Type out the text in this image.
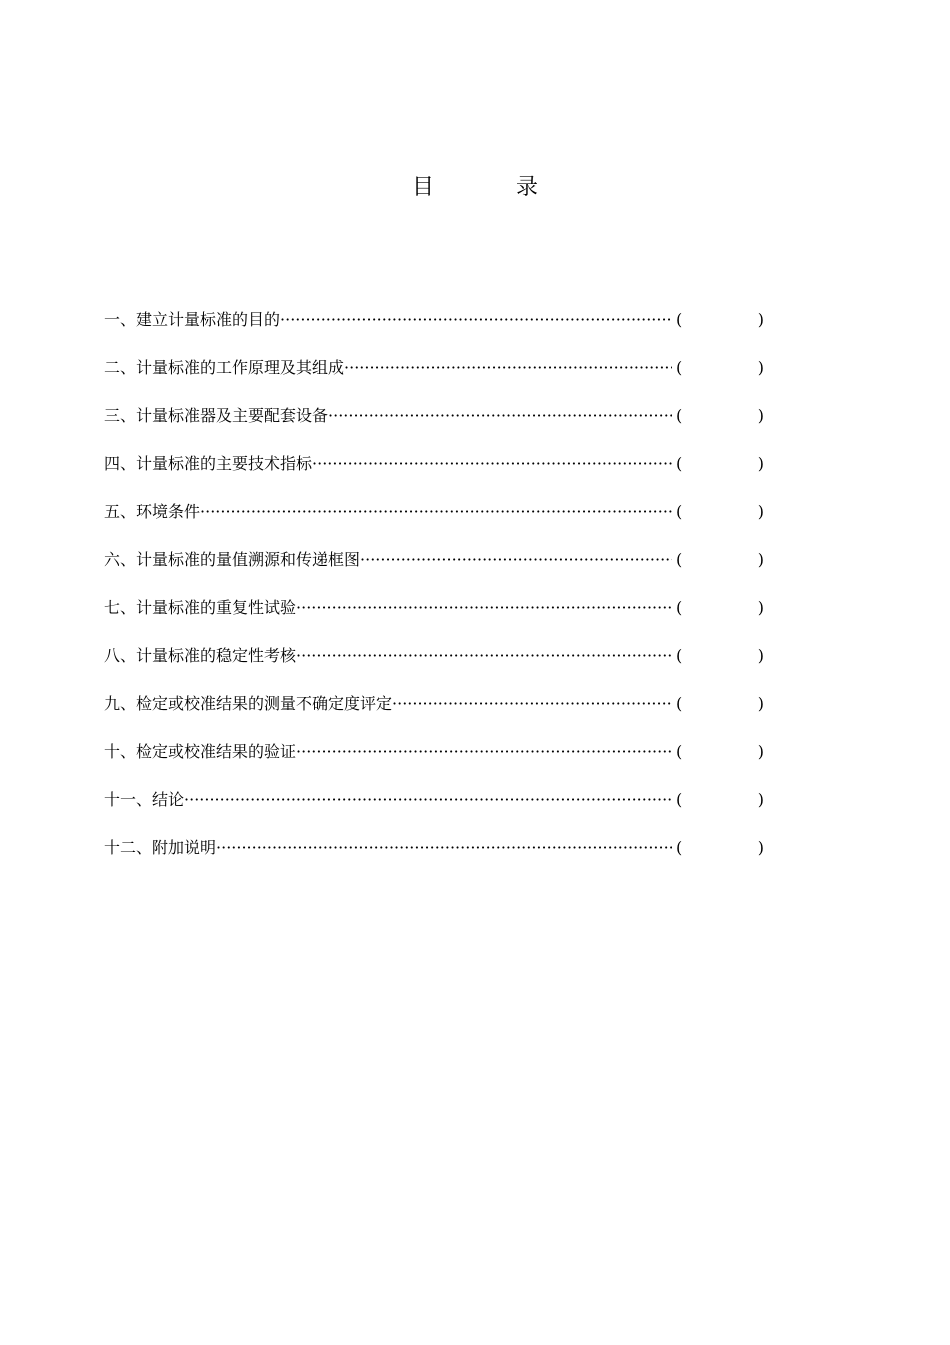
目	录
一、建立计量标准的目的 ·····	(	)
二、计量标准的工作原理及其组成 ·····	(	)
三、计量标准器及主要配套设备 ·····	(	)
四、计量标准的主要技术指标 ·····	(	)
五、环境条件 ·····	(	)
六、计量标准的量值溯源和传递框图 ·····	(	)
七、计量标准的重复性试验 ·····	(	)
八、计量标准的稳定性考核 ·····	(	)
九、检定或校准结果的测量不确定度评定 ·····	(	)
十、检定或校准结果的验证 ·····	(	)
十一、结论 ·····	(	)
十二、附加说明 ·····	(	)
